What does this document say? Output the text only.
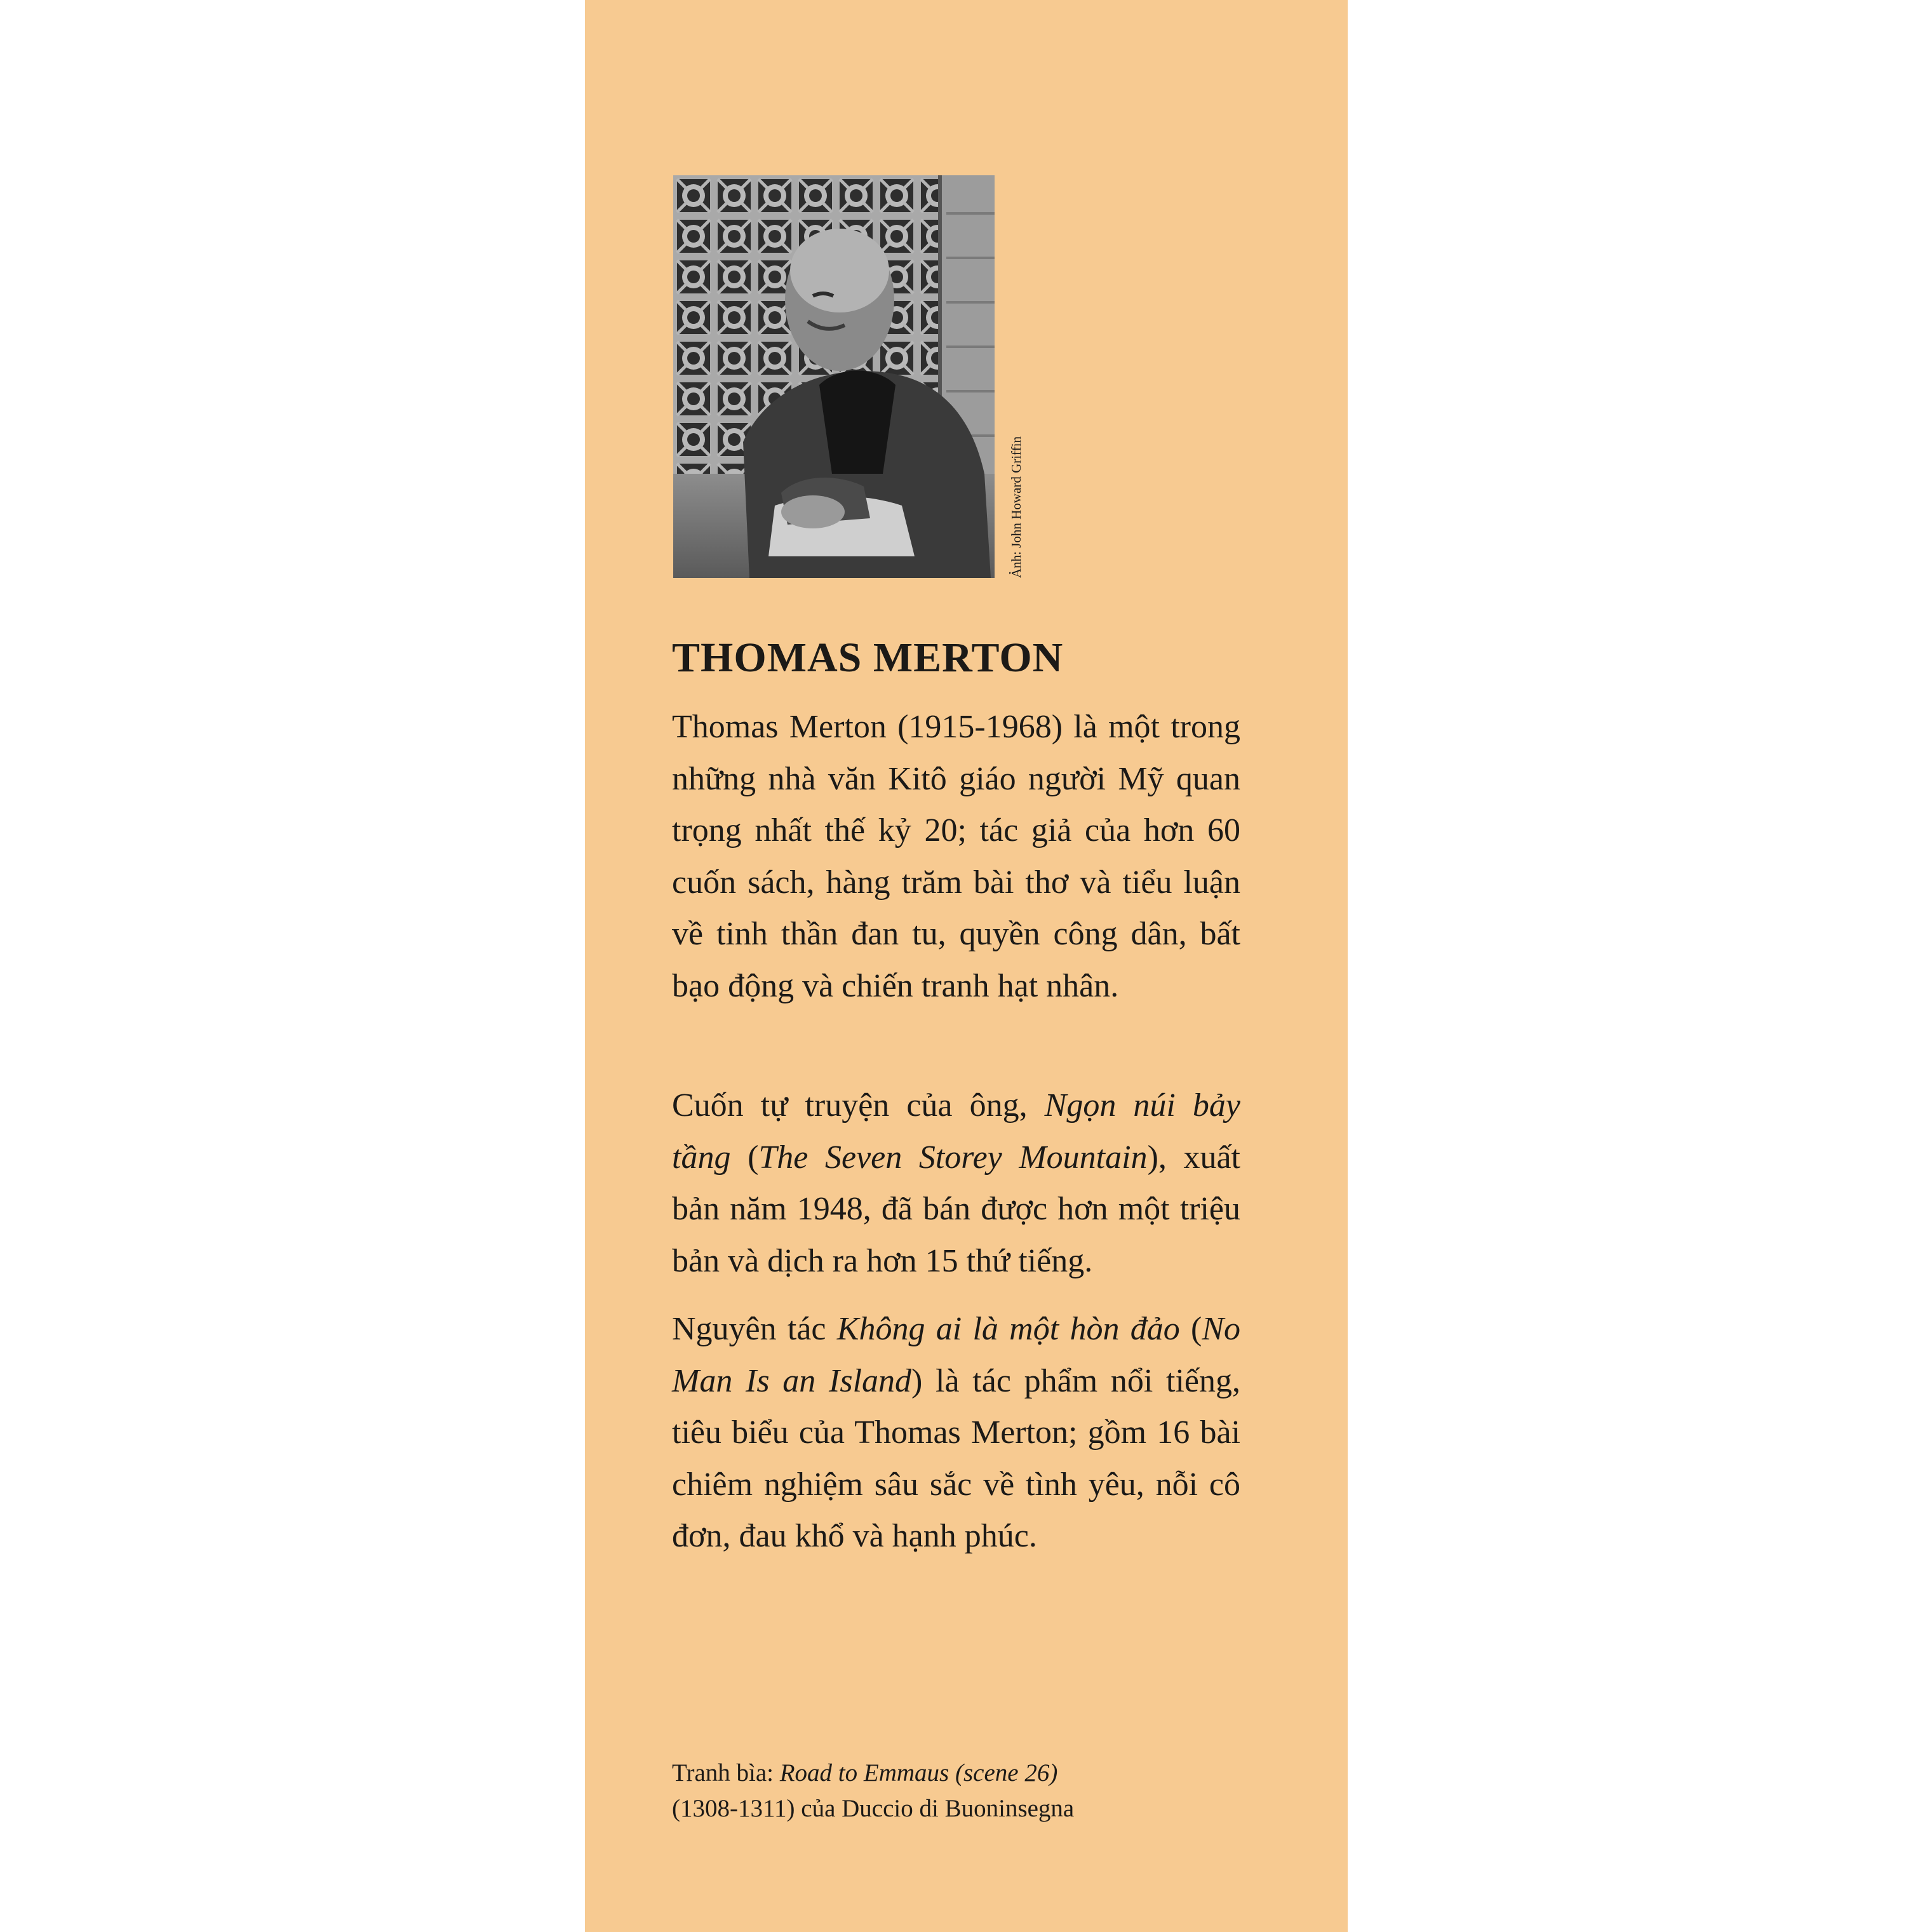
Ảnh: John Howard Griffin
THOMAS MERTON

Thomas Merton (1915-1968) là một trong những nhà văn Kitô giáo người Mỹ quan trọng nhất thế kỷ 20; tác giả của hơn 60 cuốn sách, hàng trăm bài thơ và tiểu luận về tinh thần đan tu, quyền công dân, bất bạo động và chiến tranh hạt nhân.

Cuốn tự truyện của ông, Ngọn núi bảy tầng (The Seven Storey Mountain), xuất bản năm 1948, đã bán được hơn một triệu bản và dịch ra hơn 15 thứ tiếng.

Nguyên tác Không ai là một hòn đảo (No Man Is an Island) là tác phẩm nổi tiếng, tiêu biểu của Thomas Merton; gồm 16 bài chiêm nghiệm sâu sắc về tình yêu, nỗi cô đơn, đau khổ và hạnh phúc.

Tranh bìa: Road to Emmaus (scene 26)
(1308-1311) của Duccio di Buoninsegna
